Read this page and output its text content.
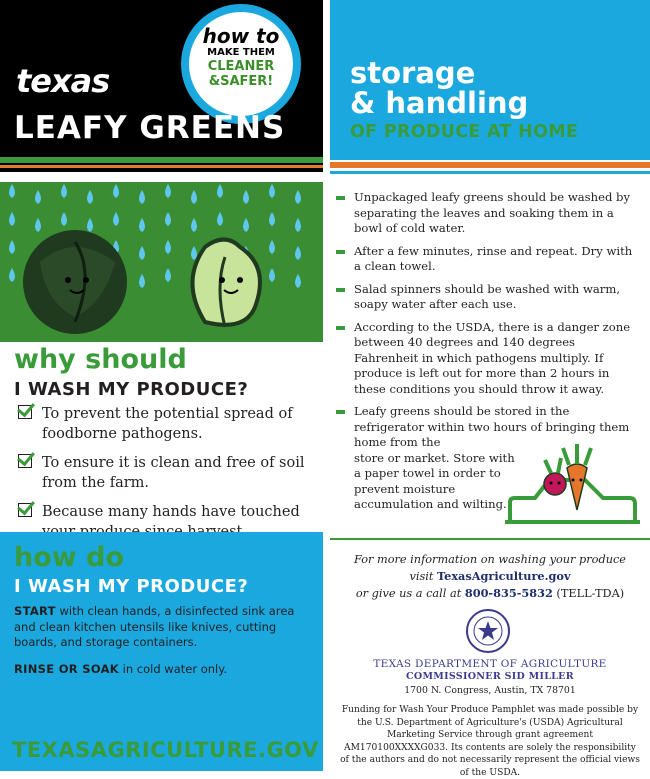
how to
MAKE THEM
CLEANER
&SAFER!
texas
LEAFY GREENS
why should
I WASH MY PRODUCE?
To prevent the potential spread of foodborne pathogens.
To ensure it is clean and free of soil from the farm.
Because many hands have touched
how do
I WASH MY PRODUCE?
START with clean hands, a disinfected sink area and clean kitchen utensils like knives, cutting boards, and storage containers.
RINSE OR SOAK in cold water only.
TEXASAGRICULTURE.GOV
storage
& handling
OF PRODUCE AT HOME
Unpackaged leafy greens should be washed by separating the leaves and soaking them in a bowl of cold water.
After a few minutes, rinse and repeat. Dry with a clean towel.
Salad spinners should be washed with warm, soapy water after each use.
According to the USDA, there is a danger zone between 40 degrees and 140 degrees Fahrenheit in which pathogens multiply. If produce is left out for more than 2 hours in these conditions you should throw it away.
Leafy greens should be stored in the refrigerator within two hours of bringing them home from the
store or market. Store with a paper towel in order to prevent moisture accumulation and wilting.
For more information on washing your produce
visit TexasAgriculture.gov
or give us a call at 800-835-5832 (TELL-TDA)
TEXAS DEPARTMENT OF AGRICULTURE
COMMISSIONER SID MILLER
1700 N. Congress, Austin, TX 78701
Funding for Wash Your Produce Pamphlet was made possible by the U.S. Department of Agriculture's (USDA) Agricultural Marketing Service through grant agreement AM170100XXXXG033. Its contents are solely the responsibility of the authors and do not necessarily represent the official views of the USDA.
